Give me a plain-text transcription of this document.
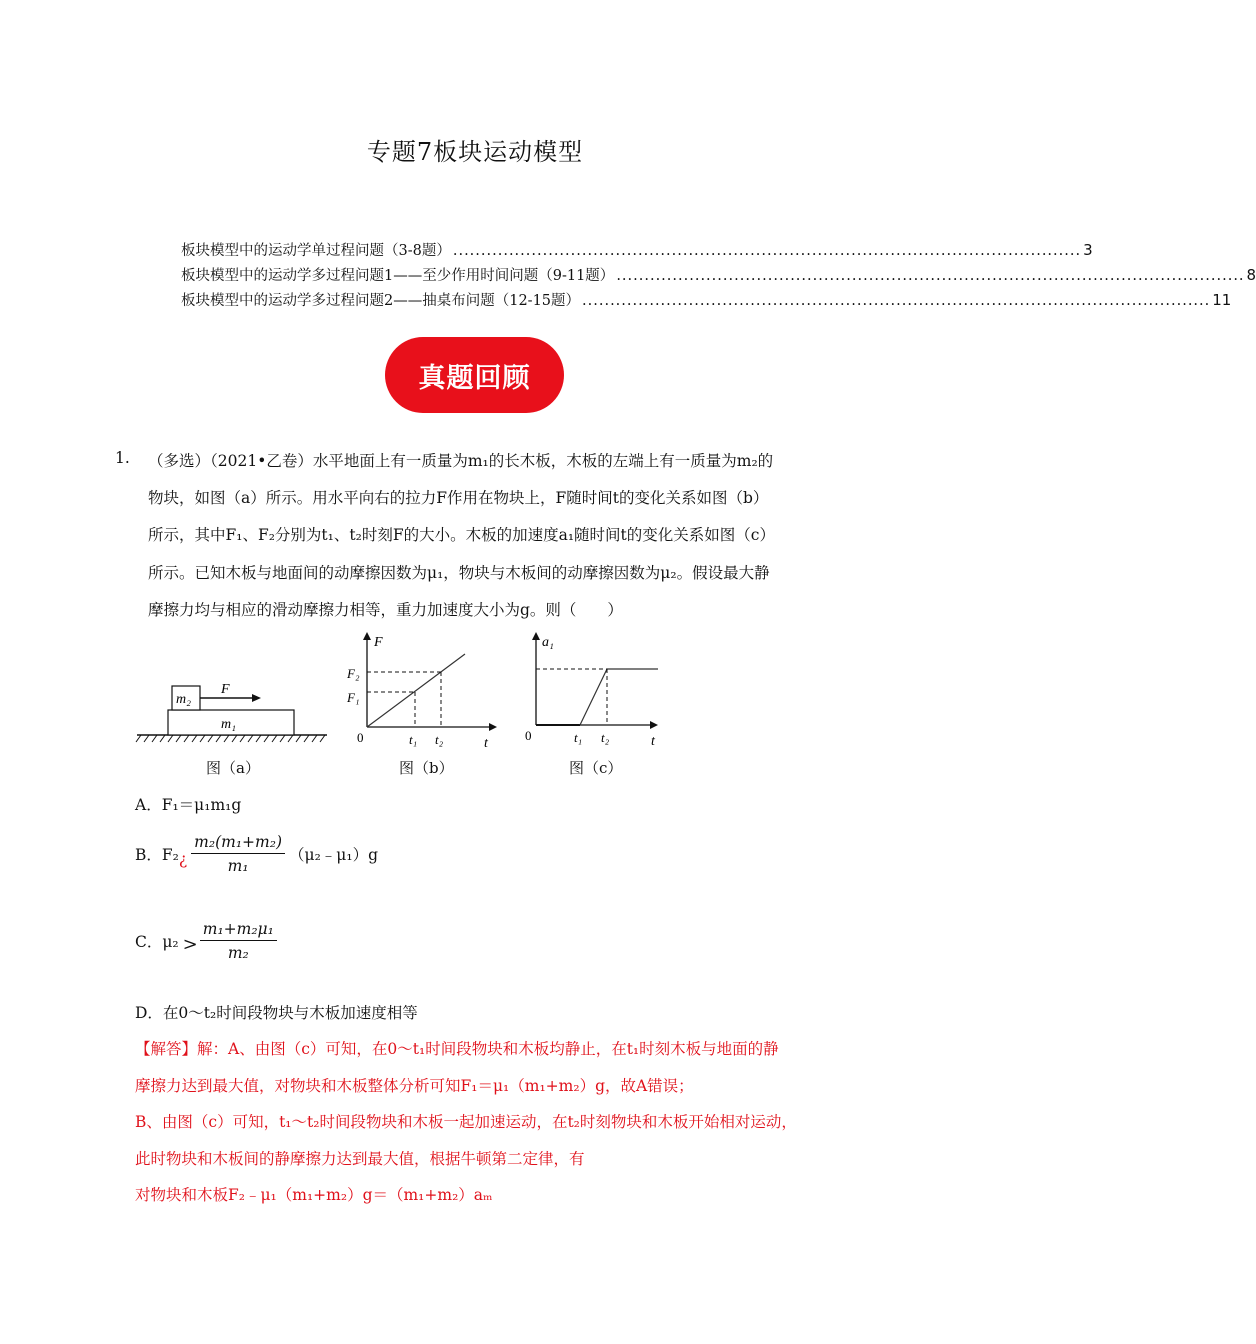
专题7板块运动模型
板块模型中的运动学单过程问题（3-8题） ................................................................................................................ 3
板块模型中的运动学多过程问题1——至少作用时间问题（9-11题） ................................................................................................................ 8
板块模型中的运动学多过程问题2——抽桌布问题（12-15题） ................................................................................................................ 11
真题回顾
1. （多选）（2021•乙卷）水平地面上有一质量为m₁的长木板，木板的左端上有一质量为m₂的
物块，如图（a）所示。用水平向右的拉力F作用在物块上，F随时间t的变化关系如图（b）
所示，其中F₁、F₂分别为t₁、t₂时刻F的大小。木板的加速度a₁随时间t的变化关系如图（c）
所示。已知木板与地面间的动摩擦因数为μ₁，物块与木板间的动摩擦因数为μ₂。假设最大静
摩擦力均与相应的滑动摩擦力相等，重力加速度大小为g。则（　　）
m₁
m₂
F
图（a）
F
F₂
F₁
0	t₁ t₂	t
图（b）
a₁
0	t₁ t₂	t
图（c）
A．F₁＝μ₁m₁g
B．F₂ ¿ $\frac{\text{m₂(m₁+m₂)}}{\text{m₁}}$ （μ₂﹣μ₁）g
C．$\mu_2 > \frac{\text{m₁+m₂μ₁}}{\text{m₂}}$
D．在0～t₂时间段物块与木板加速度相等
【解答】解：A、由图（c）可知，在0～t₁时间段物块和木板均静止，在t₁时刻木板与地面的静
摩擦力达到最大值，对物块和木板整体分析可知F₁＝μ₁（m₁+m₂）g，故A错误；
B、由图（c）可知，t₁～t₂时间段物块和木板一起加速运动，在t₂时刻物块和木板开始相对运动，
此时物块和木板间的静摩擦力达到最大值，根据牛顿第二定律，有
对物块和木板F₂﹣μ₁（m₁+m₂）g＝（m₁+m₂）aₘ
